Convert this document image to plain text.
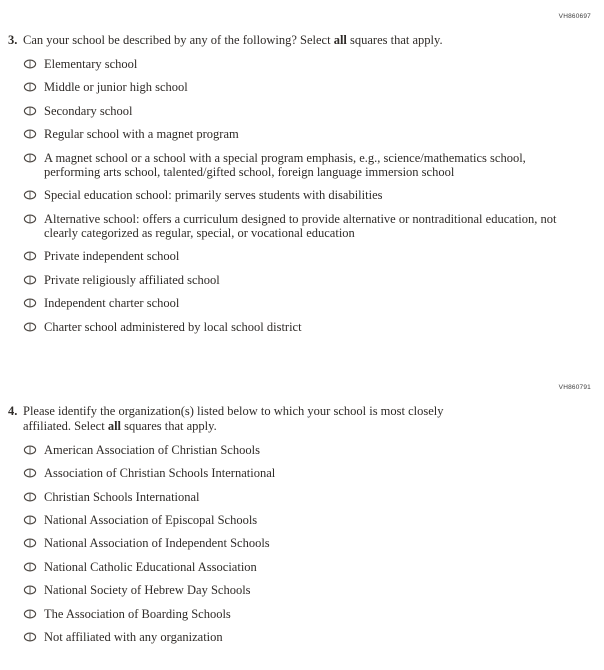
VH860697
3. Can your school be described by any of the following? Select all squares that apply.
Elementary school
Middle or junior high school
Secondary school
Regular school with a magnet program
A magnet school or a school with a special program emphasis, e.g., science/mathematics school, performing arts school, talented/gifted school, foreign language immersion school
Special education school: primarily serves students with disabilities
Alternative school: offers a curriculum designed to provide alternative or nontraditional education, not clearly categorized as regular, special, or vocational education
Private independent school
Private religiously affiliated school
Independent charter school
Charter school administered by local school district
VH860791
4. Please identify the organization(s) listed below to which your school is most closely affiliated. Select all squares that apply.
American Association of Christian Schools
Association of Christian Schools International
Christian Schools International
National Association of Episcopal Schools
National Association of Independent Schools
National Catholic Educational Association
National Society of Hebrew Day Schools
The Association of Boarding Schools
Not affiliated with any organization
